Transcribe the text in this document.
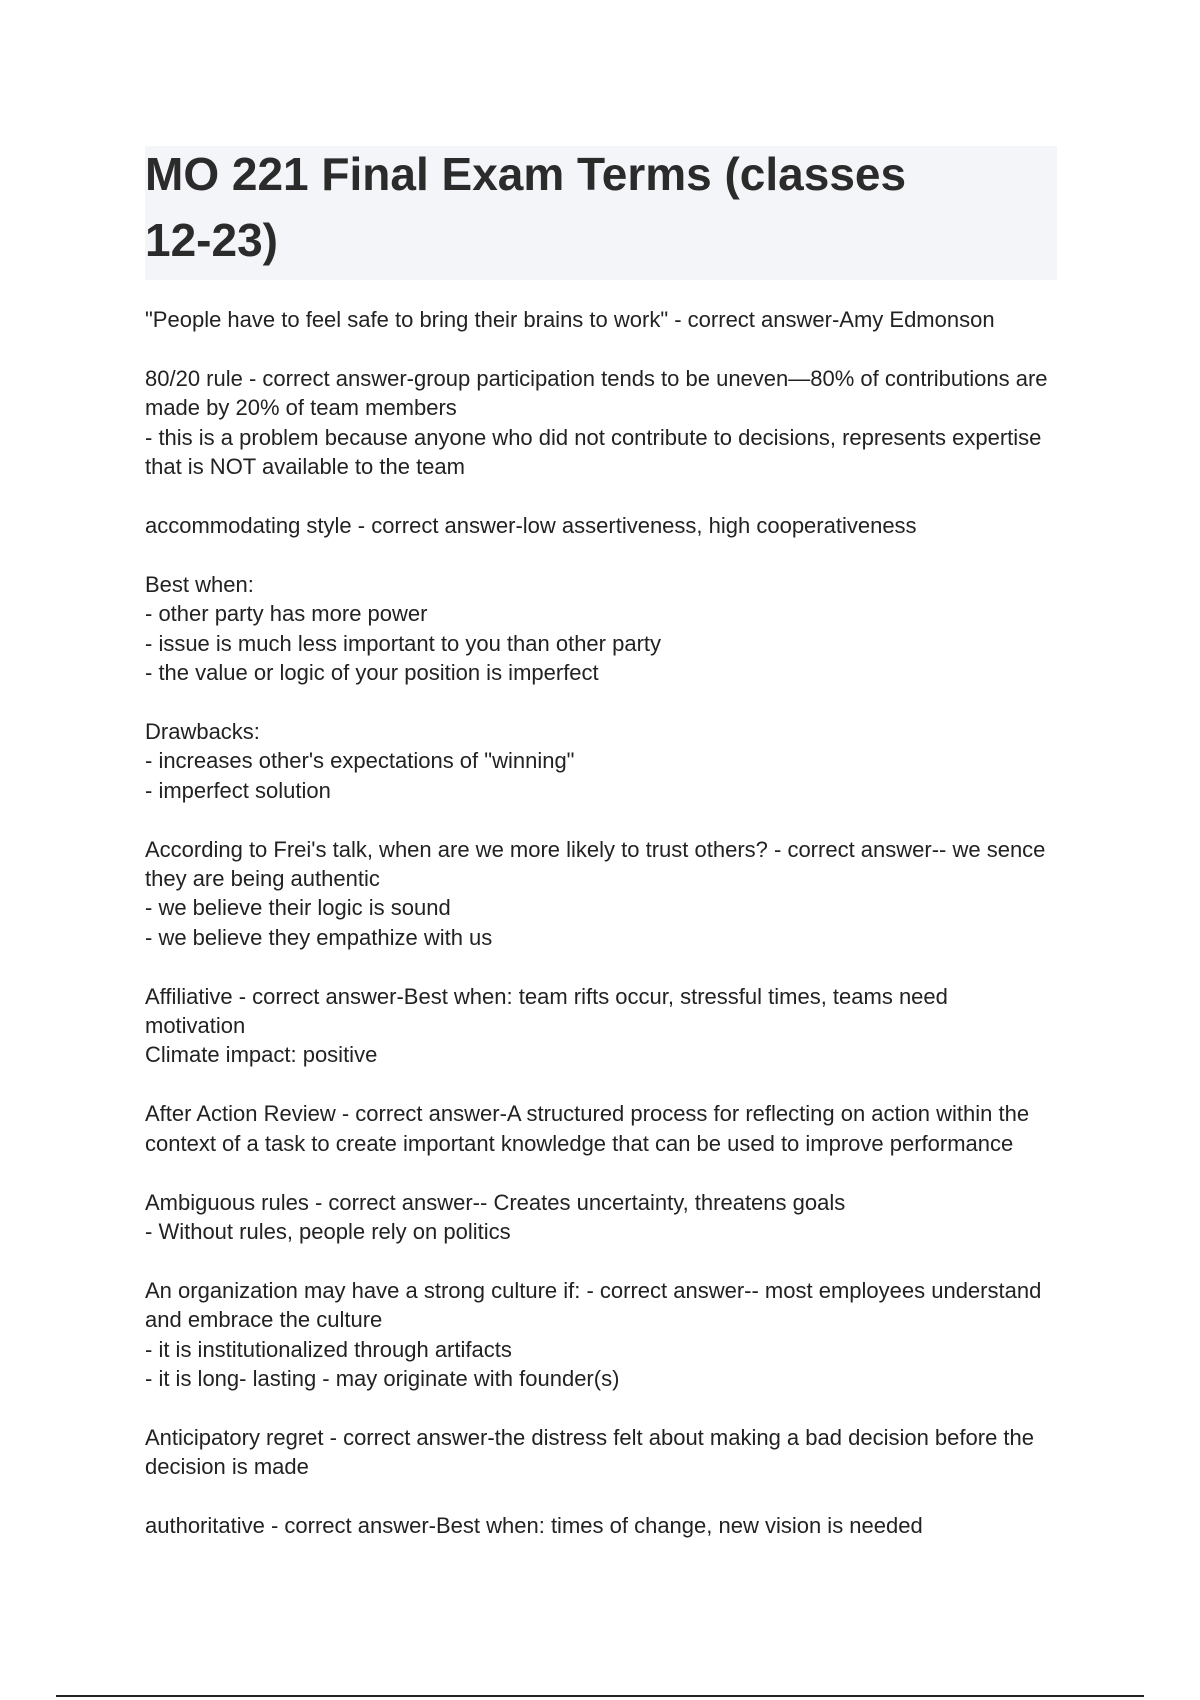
MO 221 Final Exam Terms (classes 12-23)

"People have to feel safe to bring their brains to work" - correct answer-Amy Edmonson

80/20 rule - correct answer-group participation tends to be uneven—80% of contributions are
made by 20% of team members
- this is a problem because anyone who did not contribute to decisions, represents expertise
that is NOT available to the team

accommodating style - correct answer-low assertiveness, high cooperativeness

Best when:
- other party has more power
- issue is much less important to you than other party
- the value or logic of your position is imperfect

Drawbacks:
- increases other's expectations of "winning"
- imperfect solution

According to Frei's talk, when are we more likely to trust others? - correct answer-- we sence
they are being authentic
- we believe their logic is sound
- we believe they empathize with us

Affiliative - correct answer-Best when: team rifts occur, stressful times, teams need
motivation
Climate impact: positive

After Action Review - correct answer-A structured process for reflecting on action within the
context of a task to create important knowledge that can be used to improve performance

Ambiguous rules - correct answer-- Creates uncertainty, threatens goals
- Without rules, people rely on politics

An organization may have a strong culture if: - correct answer-- most employees understand
and embrace the culture
- it is institutionalized through artifacts
- it is long- lasting - may originate with founder(s)

Anticipatory regret - correct answer-the distress felt about making a bad decision before the
decision is made

authoritative - correct answer-Best when: times of change, new vision is needed
